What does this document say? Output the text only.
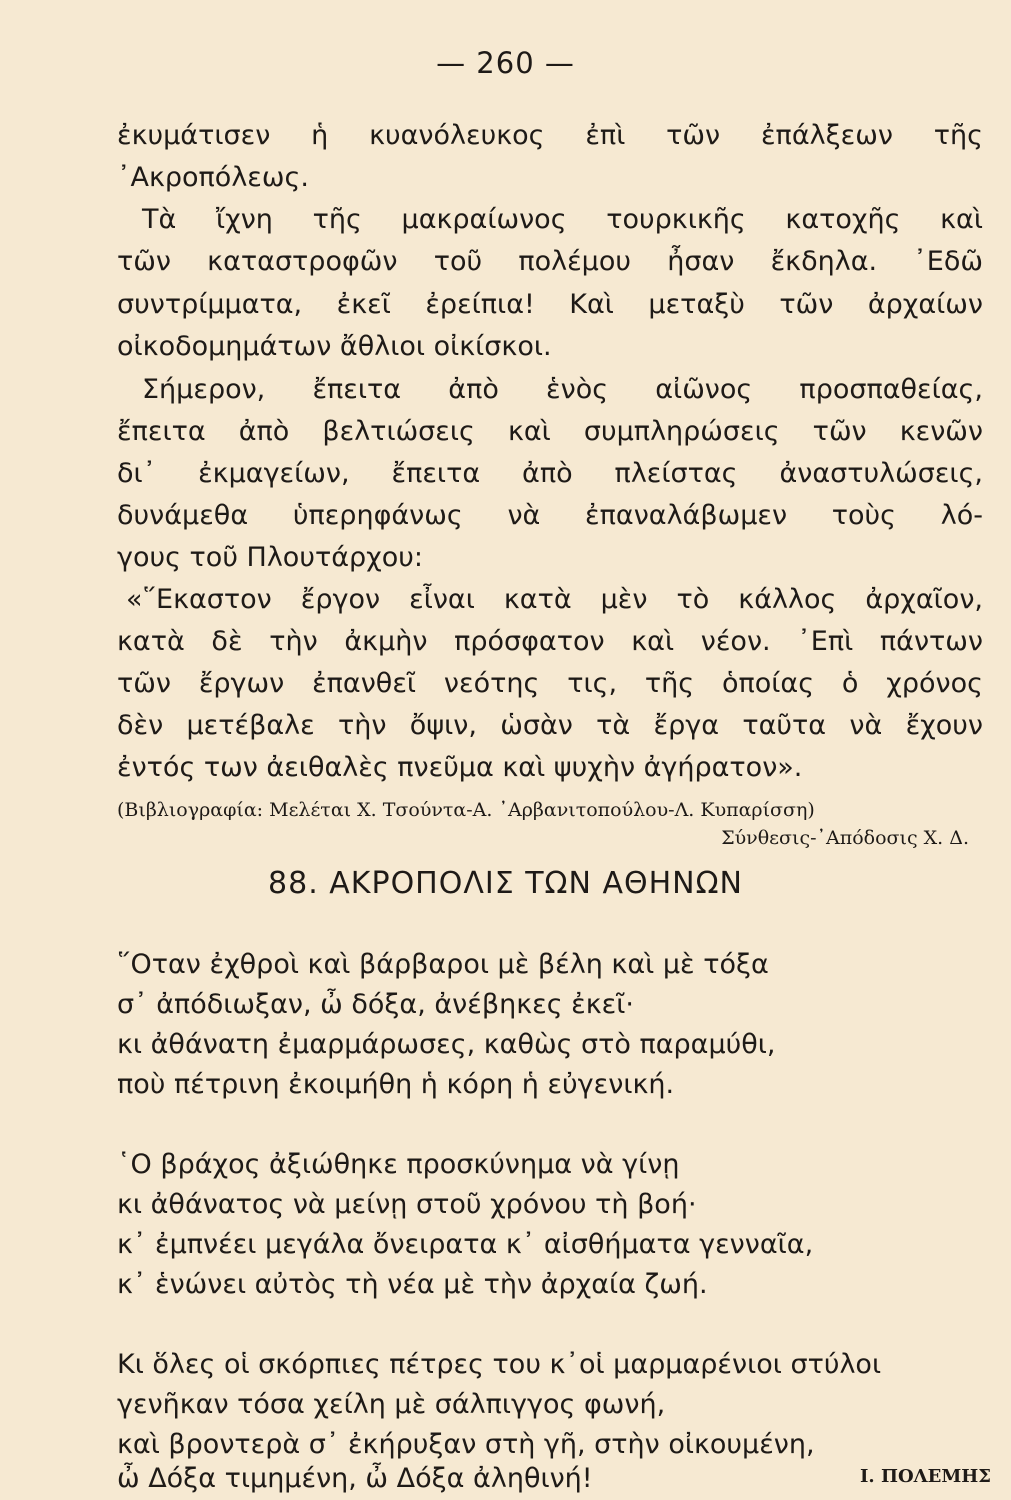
— 260 —
ἐκυμάτισεν ἡ κυανόλευκος ἐπὶ τῶν ἐπάλξεων τῆς
᾿Ακροπόλεως.
Τὰ ἴχνη τῆς μακραίωνος τουρκικῆς κατοχῆς καὶ
τῶν καταστροφῶν τοῦ πολέμου ἦσαν ἔκδηλα. ᾿Εδῶ
συντρίμματα, ἐκεῖ ἐρείπια! Καὶ μεταξὺ τῶν ἀρχαίων
οἰκοδομημάτων ἄθλιοι οἰκίσκοι.
Σήμερον, ἔπειτα ἀπὸ ἑνὸς αἰῶνος προσπαθείας,
ἔπειτα ἀπὸ βελτιώσεις καὶ συμπληρώσεις τῶν κενῶν
δι᾿ ἐκμαγείων, ἔπειτα ἀπὸ πλείστας ἀναστυλώσεις,
δυνάμεθα ὑπερηφάνως νὰ ἐπαναλάβωμεν τοὺς λό-
γους τοῦ Πλουτάρχου:
«῞Εκαστον ἔργον εἶναι κατὰ μὲν τὸ κάλλος ἀρχαῖον,
κατὰ δὲ τὴν ἀκμὴν πρόσφατον καὶ νέον. ᾿Επὶ πάντων
τῶν ἔργων ἐπανθεῖ νεότης τις, τῆς ὁποίας ὁ χρόνος
δὲν μετέβαλε τὴν ὄψιν, ὡσὰν τὰ ἔργα ταῦτα νὰ ἔχουν
ἐντός των ἀειθαλὲς πνεῦμα καὶ ψυχὴν ἀγήρατον».
(Βιβλιογραφία: Μελέται Χ. Τσούντα-Α. ᾿Αρβανιτοπούλου-Λ. Κυπαρίσση)
Σύνθεσις-᾿Απόδοσις Χ. Δ.
88. ΑΚΡΟΠΟΛΙΣ ΤΩΝ ΑΘΗΝΩΝ
῞Οταν ἐχθροὶ καὶ βάρβαροι μὲ βέλη καὶ μὲ τόξα
σ᾿ ἀπόδιωξαν, ὦ δόξα, ἀνέβηκες ἐκεῖ·
κι ἀθάνατη ἐμαρμάρωσες, καθὼς στὸ παραμύθι,
ποὺ πέτρινη ἐκοιμήθη ἡ κόρη ἡ εὐγενική.
῾Ο βράχος ἀξιώθηκε προσκύνημα νὰ γίνῃ
κι ἀθάνατος νὰ μείνῃ στοῦ χρόνου τὴ βοή·
κ᾿ ἐμπνέει μεγάλα ὄνειρατα κ᾿ αἰσθήματα γενναῖα,
κ᾿ ἑνώνει αὐτὸς τὴ νέα μὲ τὴν ἀρχαία ζωή.
Κι ὅλες οἱ σκόρπιες πέτρες του κ᾿οἱ μαρμαρένιοι στύλοι
γενῆκαν τόσα χείλη μὲ σάλπιγγος φωνή,
καὶ βροντερὰ σ᾿ ἐκήρυξαν στὴ γῆ, στὴν οἰκουμένη,
ὦ Δόξα τιμημένη, ὦ Δόξα ἀληθινή!	Ι. ΠΟΛΕΜΗΣ
